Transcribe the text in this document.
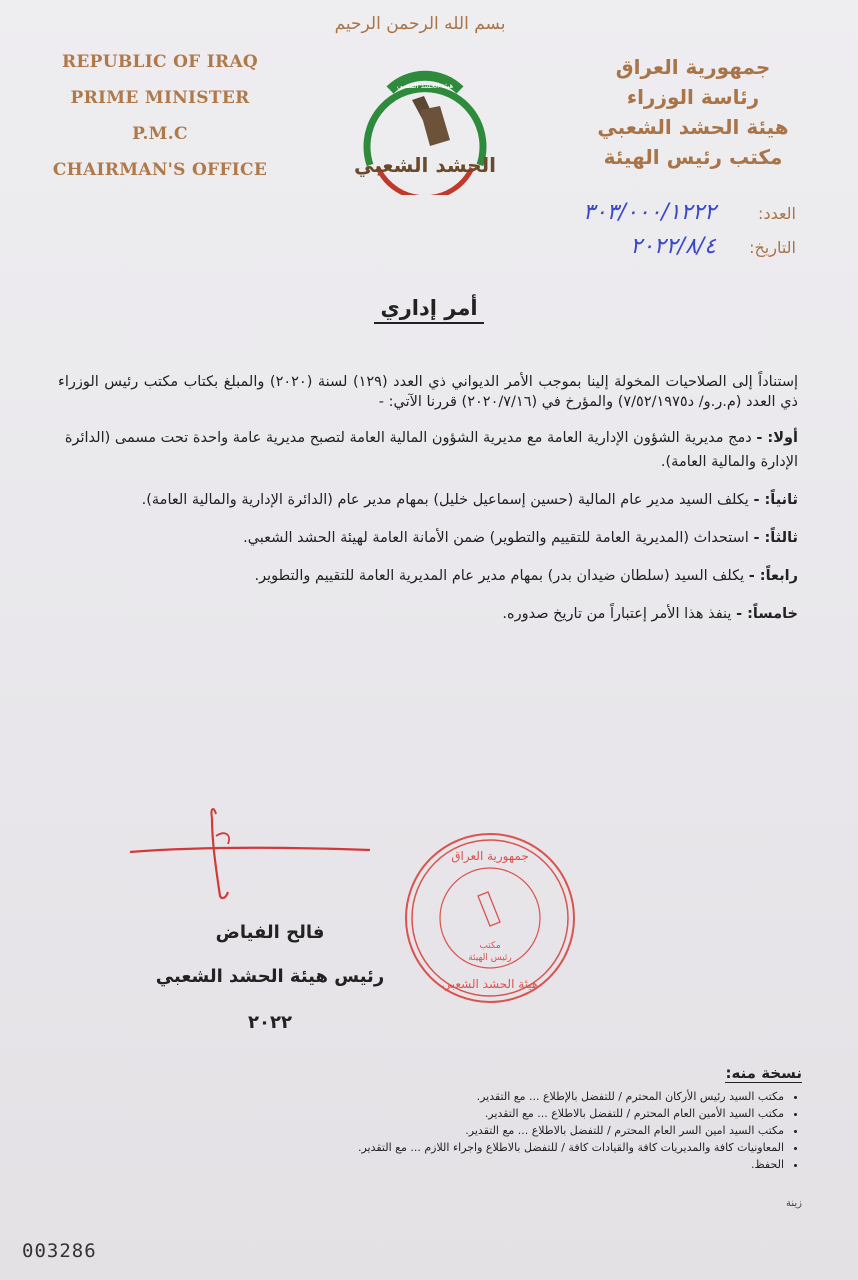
REPUBLIC OF IRAQ
PRIME MINISTER
P.M.C
CHAIRMAN'S OFFICE
بسم الله الرحمن الرحيم
هيئة الحشد الشعبي
الحشد الشعبي
جمهورية العراق
رئاسة الوزراء
هيئة الحشد الشعبي
مكتب رئيس الهيئة
العدد:
٣٠٣/٠٠٠/١٢٢٢
التاريخ:
٢٠٢٢/٨/٤
أمر إداري

إستناداً إلى الصلاحيات المخولة إلينا بموجب الأمر الديواني ذي العدد (١٢٩) لسنة (٢٠٢٠) والمبلغ بكتاب مكتب رئيس الوزراء ذي العدد (م.ر.و/ د٧/٥٢/١٩٧٥) والمؤرخ في (٢٠٢٠/٧/١٦) قررنا الآتي: -

أولا: - دمج مديرية الشؤون الإدارية العامة مع مديرية الشؤون المالية العامة لتصبح مديرية عامة واحدة تحت مسمى (الدائرة الإدارة والمالية العامة).
ثانياً: - يكلف السيد مدير عام المالية (حسين إسماعيل خليل) بمهام مدير عام (الدائرة الإدارية والمالية العامة).
ثالثاً: - استحداث (المديرية العامة للتقييم والتطوير) ضمن الأمانة العامة لهيئة الحشد الشعبي.
رابعاً: - يكلف السيد (سلطان ضيدان بدر) بمهام مدير عام المديرية العامة للتقييم والتطوير.
خامساً: - ينفذ هذا الأمر إعتباراً من تاريخ صدوره.
فالح الفياض
رئيس هيئة الحشد الشعبي
٢٠٢٢
جمهورية العراق
هيئة الحشد الشعبي
مكتب
رئيس الهيئة
نسخة منه:
• مكتب السيد رئيس الأركان المحترم / للتفضل بالإطلاع ... مع التقدير.
• مكتب السيد الأمين العام المحترم / للتفضل بالاطلاع ... مع التقدير.
• مكتب السيد امين السر العام المحترم / للتفضل بالاطلاع ... مع التقدير.
• المعاونيات كافة والمديريات كافة والقيادات كافة / للتفضل بالاطلاع واجراء اللازم ... مع التقدير.
• الحفظ.
زينة
003286
